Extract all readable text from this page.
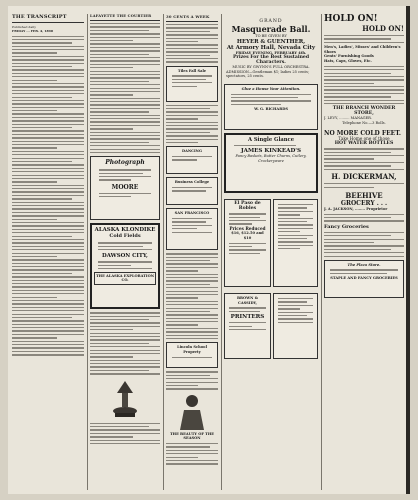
THE TRANSCRIPT
Published daily
FRIDAY ... FEB. 4, 1898
LAFAYETTE THE COURTIER
Photograph
MOORE
ALASKA KLONDIKE
Cold Fields
DAWSON CITY,
THE ALASKA EXPLORATION CO.
30 CENTS A WEEK
Tiles Fall Sale
DANCING
Business College
SAN FRANCISCO
Lincoln School Property
THE BEAUTY OF THE SEASON
GRAND
Masquerade Ball.
TO BE GIVEN BY
HEYER & GUENTHER,
At Armory Hall, Nevada City
FRIDAY EVENING, FEBRUARY 4th.
Prizes For the Best Sustained Characters.
MUSIC BY GWYNN'S FULL ORCHESTRA.
ADMISSION—Gentleman $1; ladies 25 cents; spectators, 25 cents.
Glue a House Your Attention.
W. G. RICHARDS
A Single Glance
JAMES KINKEAD'S
Fancy Baskets, Butter Churns, Cutlery, Crockeryware
El Paso de Robles
Prices Reduced
$16, $12.50 and $10
BROWN & CASSIDY,
PRINTERS
HOLD ON!
HOLD ON!
Men's, Ladies', Misses' and Children's Shoes
Gents' Furnishing Goods
Hats, Caps, Gloves, Etc.
THE BRANCH WONDER STORE,
J. LEVY, ......... MANAGER.
Telephone No.—3 Rolls.
NO MORE COLD FEET.
Take Home one of those
HOT WATER BOTTLES
H. DICKERMAN,
BEEHIVE
GROCERY . . .
J. A. JACKSON, ........ Proprietor
Fancy Groceries
The Plaza Store.
STAPLE AND FANCY GROCERIES
